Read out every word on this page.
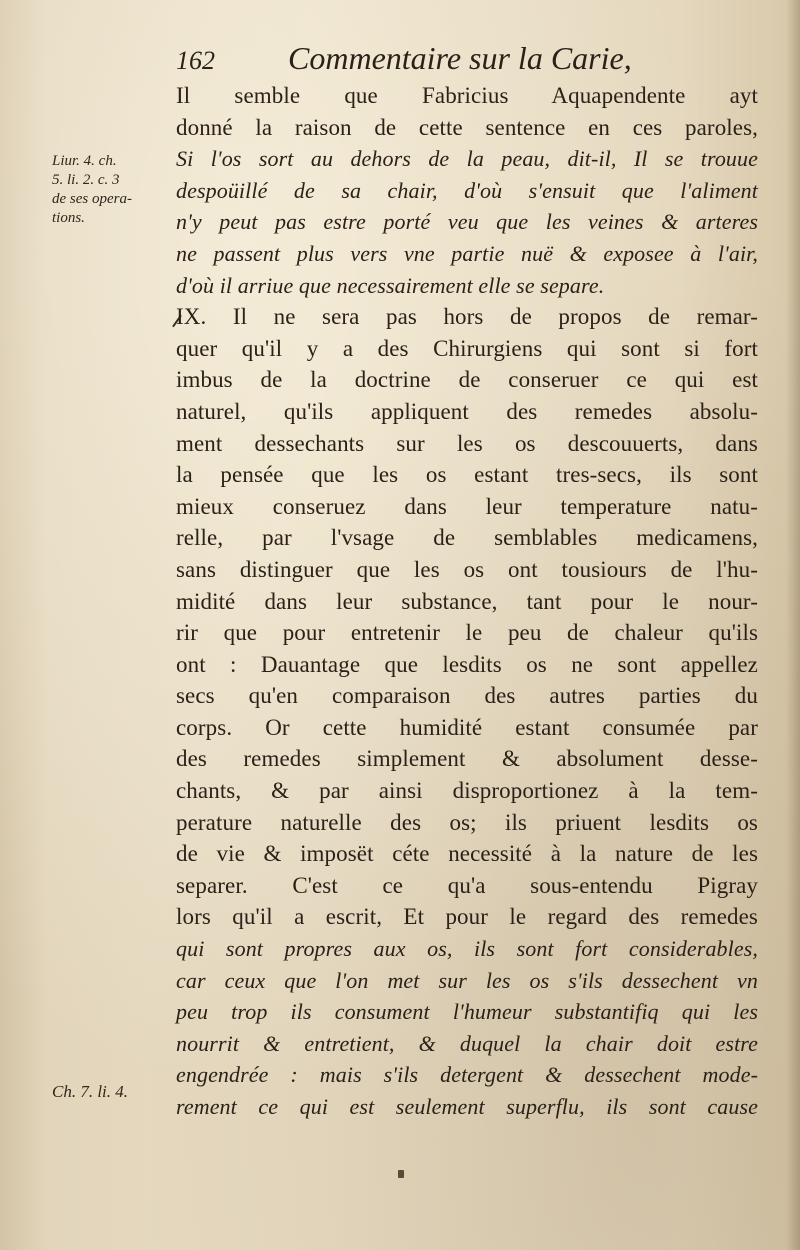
162 Commentaire sur la Carie,
Liur. 4. ch.
5. li. 2. c. 3
de ses opera-
tions.
Ch. 7. li. 4.
Il semble que Fabricius Aquapendente ayt
donné la raison de cette sentence en ces paroles,
Si l'os sort au dehors de la peau, dit-il, Il se trouue
despoüillé de sa chair, d'où s'ensuit que l'aliment
n'y peut pas estre porté veu que les veines & arteres
ne passent plus vers vne partie nuë & exposee à l'air,
d'où il arriue que necessairement elle se separe.
IX. Il ne sera pas hors de propos de remar-
quer qu'il y a des Chirurgiens qui sont si fort
imbus de la doctrine de conseruer ce qui est
naturel, qu'ils appliquent des remedes absolu-
ment dessechants sur les os descouuerts, dans
la pensée que les os estant tres-secs, ils sont
mieux conseruez dans leur temperature natu-
relle, par l'vsage de semblables medicamens,
sans distinguer que les os ont tousiours de l'hu-
midité dans leur substance, tant pour le nour-
rir que pour entretenir le peu de chaleur qu'ils
ont : Dauantage que lesdits os ne sont appellez
secs qu'en comparaison des autres parties du
corps. Or cette humidité estant consumée par
des remedes simplement & absolument desse-
chants, & par ainsi disproportionez à la tem-
perature naturelle des os; ils priuent lesdits os
de vie & imposët céte necessité à la nature de les
separer. C'est ce qu'a sous-entendu Pigray
lors qu'il a escrit, Et pour le regard des remedes
qui sont propres aux os, ils sont fort considerables,
car ceux que l'on met sur les os s'ils dessechent vn
peu trop ils consument l'humeur substantifiq qui les
nourrit & entretient, & duquel la chair doit estre
engendrée : mais s'ils detergent & dessechent mode-
rement ce qui est seulement superflu, ils sont cause
